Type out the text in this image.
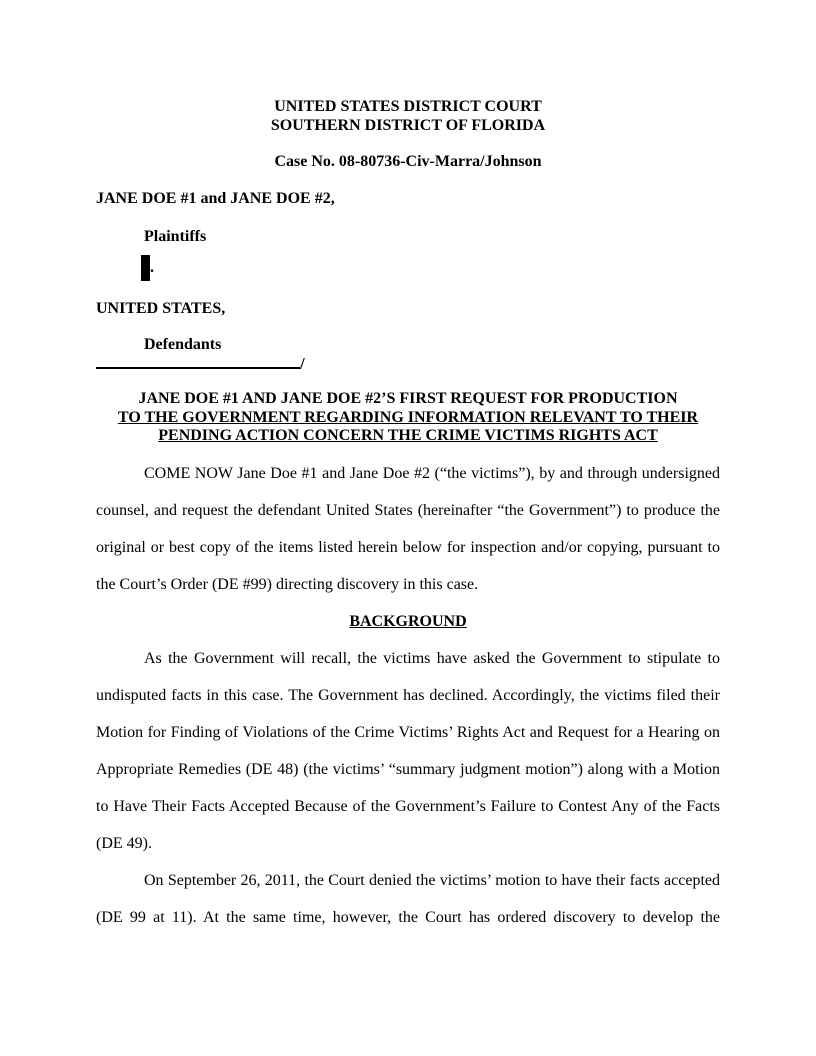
UNITED STATES DISTRICT COURT
SOUTHERN DISTRICT OF FLORIDA
Case No. 08-80736-Civ-Marra/Johnson
JANE DOE #1 and JANE DOE #2,
Plaintiffs
.
UNITED STATES,
Defendants
/
JANE DOE #1 AND JANE DOE #2’S FIRST REQUEST FOR PRODUCTION
TO THE GOVERNMENT REGARDING INFORMATION RELEVANT TO THEIR
PENDING ACTION CONCERN THE CRIME VICTIMS RIGHTS ACT

COME NOW Jane Doe #1 and Jane Doe #2 (“the victims”), by and through undersigned counsel, and request the defendant United States (hereinafter “the Government”) to produce the original or best copy of the items listed herein below for inspection and/or copying, pursuant to the Court’s Order (DE #99) directing discovery in this case.

BACKGROUND

As the Government will recall, the victims have asked the Government to stipulate to undisputed facts in this case. The Government has declined. Accordingly, the victims filed their Motion for Finding of Violations of the Crime Victims’ Rights Act and Request for a Hearing on Appropriate Remedies (DE 48) (the victims’ “summary judgment motion”) along with a Motion to Have Their Facts Accepted Because of the Government’s Failure to Contest Any of the Facts (DE 49).

On September 26, 2011, the Court denied the victims’ motion to have their facts accepted (DE 99 at 11). At the same time, however, the Court has ordered discovery to develop the
